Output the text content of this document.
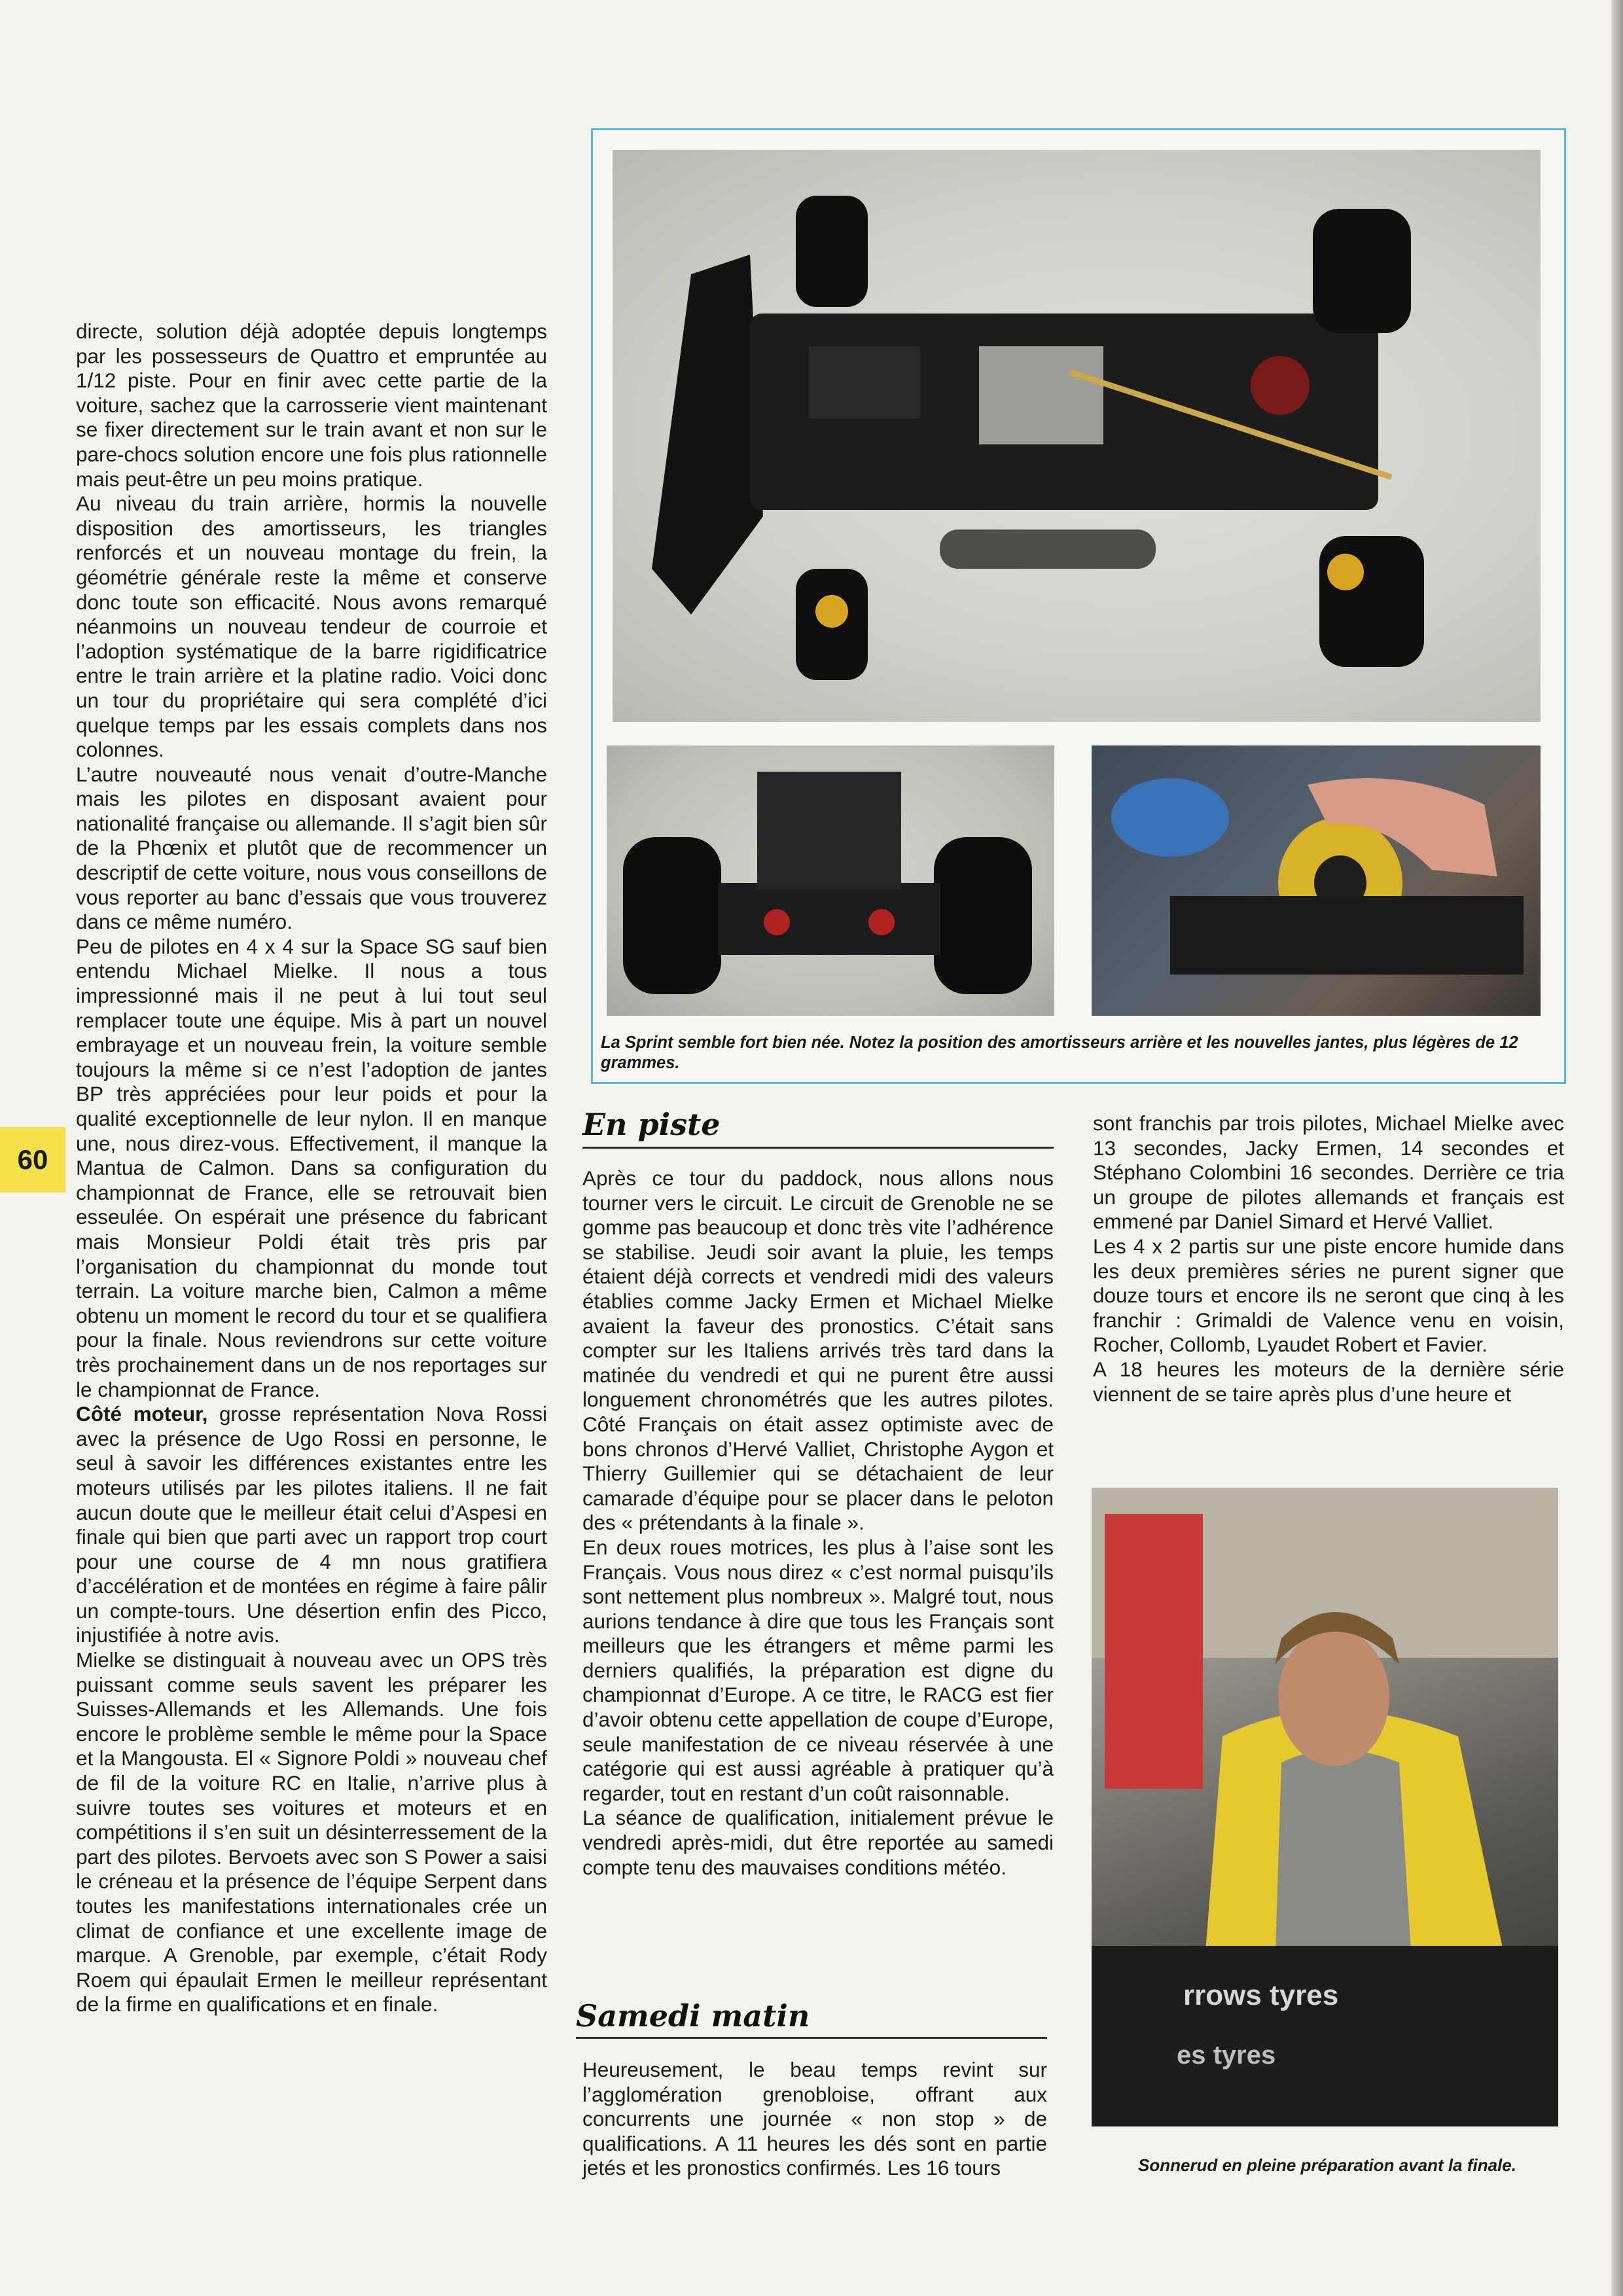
60

directe, solution déjà adoptée depuis longtemps par les possesseurs de Quattro et empruntée au 1/12 piste. Pour en finir avec cette partie de la voiture, sachez que la carrosserie vient maintenant se fixer directement sur le train avant et non sur le pare-chocs solution encore une fois plus rationnelle mais peut-être un peu moins pratique.

Au niveau du train arrière, hormis la nouvelle disposition des amortisseurs, les triangles renforcés et un nouveau montage du frein, la géométrie générale reste la même et conserve donc toute son efficacité. Nous avons remarqué néanmoins un nouveau tendeur de courroie et l’adoption systématique de la barre rigidificatrice entre le train arrière et la platine radio. Voici donc un tour du propriétaire qui sera complété d’ici quelque temps par les essais complets dans nos colonnes.

L’autre nouveauté nous venait d’outre-Manche mais les pilotes en disposant avaient pour nationalité française ou allemande. Il s’agit bien sûr de la Phœnix et plutôt que de recommencer un descriptif de cette voiture, nous vous conseillons de vous reporter au banc d’essais que vous trouverez dans ce même numéro.

Peu de pilotes en 4 x 4 sur la Space SG sauf bien entendu Michael Mielke. Il nous a tous impressionné mais il ne peut à lui tout seul remplacer toute une équipe. Mis à part un nouvel embrayage et un nouveau frein, la voiture semble toujours la même si ce n’est l’adoption de jantes BP très appréciées pour leur poids et pour la qualité exceptionnelle de leur nylon. Il en manque une, nous direz-vous. Effectivement, il manque la Mantua de Calmon. Dans sa configuration du championnat de France, elle se retrouvait bien esseulée. On espérait une présence du fabricant mais Monsieur Poldi était très pris par l’organisation du championnat du monde tout terrain. La voiture marche bien, Calmon a même obtenu un moment le record du tour et se qualifiera pour la finale. Nous reviendrons sur cette voiture très prochainement dans un de nos reportages sur le championnat de France.

Côté moteur, grosse représentation Nova Rossi avec la présence de Ugo Rossi en personne, le seul à savoir les différences existantes entre les moteurs utilisés par les pilotes italiens. Il ne fait aucun doute que le meilleur était celui d’Aspesi en finale qui bien que parti avec un rapport trop court pour une course de 4 mn nous gratifiera d’accélération et de montées en régime à faire pâlir un compte-tours. Une désertion enfin des Picco, injustifiée à notre avis.

Mielke se distinguait à nouveau avec un OPS très puissant comme seuls savent les préparer les Suisses-Allemands et les Allemands. Une fois encore le problème semble le même pour la Space et la Mangousta. El « Signore Poldi » nouveau chef de fil de la voiture RC en Italie, n’arrive plus à suivre toutes ses voitures et moteurs et en compétitions il s’en suit un désinterressement de la part des pilotes. Bervoets avec son S Power a saisi le créneau et la présence de l’équipe Serpent dans toutes les manifestations internationales crée un climat de confiance et une excellente image de marque. A Grenoble, par exemple, c’était Rody Roem qui épaulait Ermen le meilleur représentant de la firme en qualifications et en finale.

La Sprint semble fort bien née. Notez la position des amortisseurs arrière et les nouvelles jantes, plus légères de 12 grammes.
En piste

Après ce tour du paddock, nous allons nous tourner vers le circuit. Le circuit de Grenoble ne se gomme pas beaucoup et donc très vite l’adhérence se stabilise. Jeudi soir avant la pluie, les temps étaient déjà corrects et vendredi midi des valeurs établies comme Jacky Ermen et Michael Mielke avaient la faveur des pronostics. C’était sans compter sur les Italiens arrivés très tard dans la matinée du vendredi et qui ne purent être aussi longuement chronométrés que les autres pilotes. Côté Français on était assez optimiste avec de bons chronos d’Hervé Valliet, Christophe Aygon et Thierry Guillemier qui se détachaient de leur camarade d’équipe pour se placer dans le peloton des « prétendants à la finale ».

En deux roues motrices, les plus à l’aise sont les Français. Vous nous direz « c’est normal puisqu’ils sont nettement plus nombreux ». Malgré tout, nous aurions tendance à dire que tous les Français sont meilleurs que les étrangers et même parmi les derniers qualifiés, la préparation est digne du championnat d’Europe. A ce titre, le RACG est fier d’avoir obtenu cette appellation de coupe d’Europe, seule manifestation de ce niveau réservée à une catégorie qui est aussi agréable à pratiquer qu’à regarder, tout en restant d’un coût raisonnable.

La séance de qualification, initialement prévue le vendredi après-midi, dut être reportée au samedi compte tenu des mauvaises conditions météo.

Samedi matin

Heureusement, le beau temps revint sur l’agglomération grenobloise, offrant aux concurrents une journée « non stop » de qualifications. A 11 heures les dés sont en partie jetés et les pronostics confirmés. Les 16 tours

sont franchis par trois pilotes, Michael Mielke avec 13 secondes, Jacky Ermen, 14 secondes et Stéphano Colombini 16 secondes. Derrière ce tria un groupe de pilotes allemands et français est emmené par Daniel Simard et Hervé Valliet.

Les 4 x 2 partis sur une piste encore humide dans les deux premières séries ne purent signer que douze tours et encore ils ne seront que cinq à les franchir : Grimaldi de Valence venu en voisin, Rocher, Collomb, Lyaudet Robert et Favier.

A 18 heures les moteurs de la dernière série viennent de se taire après plus d’une heure et

rrows tyres
es tyres
Sonnerud en pleine préparation avant la finale.
